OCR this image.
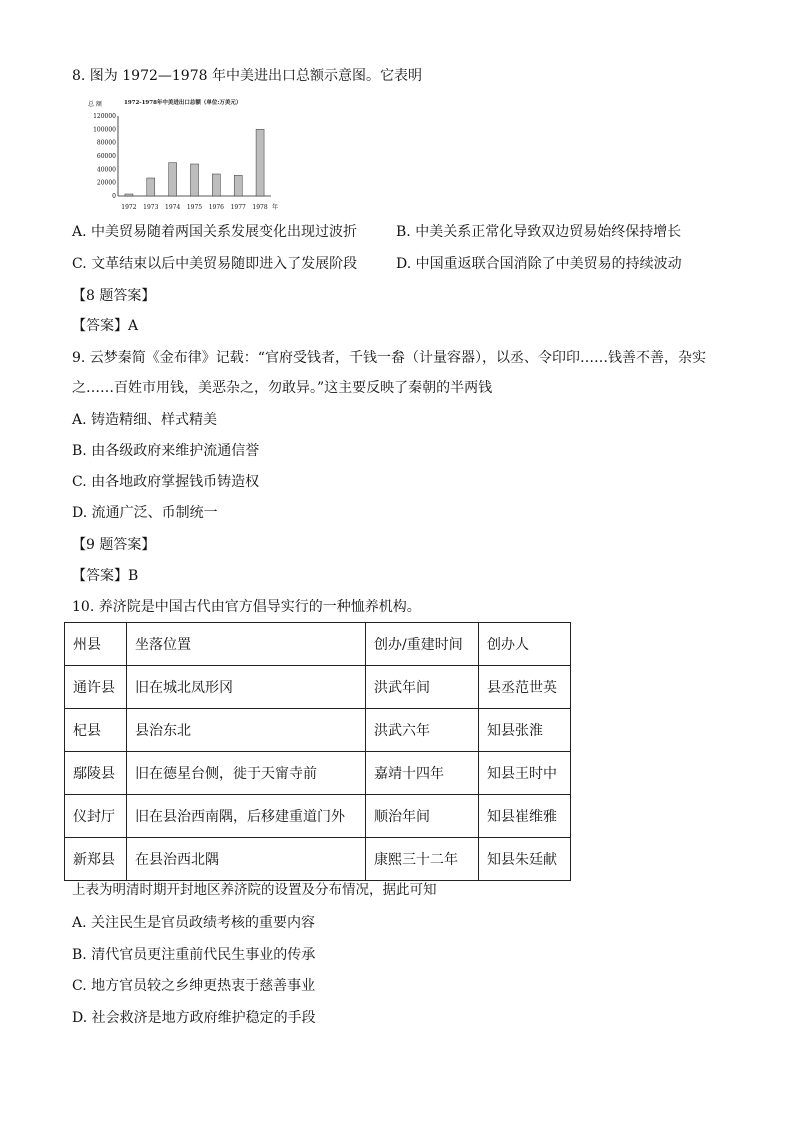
8. 图为 1972—1978 年中美进出口总额示意图。它表明
总 额	1972-1978年中美进出口总额（单位:万美元）
0
20000
40000
60000
80000
100000
120000
1972 1973 1974 1975 1976 1977 1978 年
A. 中美贸易随着两国关系发展变化出现过波折	B. 中美关系正常化导致双边贸易始终保持增长
C. 文革结束以后中美贸易随即进入了发展阶段	D. 中国重返联合国消除了中美贸易的持续波动
【8 题答案】
【答案】A
9. 云梦秦简《金布律》记载：“官府受钱者，千钱一畚（计量容器），以丞、令印印……钱善不善，杂实
之……百姓市用钱，美恶杂之，勿敢异。”这主要反映了秦朝的半两钱
A. 铸造精细、样式精美
B. 由各级政府来维护流通信誉
C. 由各地政府掌握钱币铸造权
D. 流通广泛、币制统一
【9 题答案】
【答案】B
10. 养济院是中国古代由官方倡导实行的一种恤养机构。
州县	坐落位置	创办/重建时间	创办人
通许县	旧在城北凤形冈	洪武年间	县丞范世英
杞县	县治东北	洪武六年	知县张淮
鄢陵县	旧在德星台侧，徙于天甯寺前	嘉靖十四年	知县王时中
仪封厅	旧在县治西南隅，后移建重道门外	顺治年间	知县崔维雅
新郑县	在县治西北隅	康熙三十二年	知县朱廷献
上表为明清时期开封地区养济院的设置及分布情况，据此可知
A. 关注民生是官员政绩考核的重要内容
B. 清代官员更注重前代民生事业的传承
C. 地方官员较之乡绅更热衷于慈善事业
D. 社会救济是地方政府维护稳定的手段
